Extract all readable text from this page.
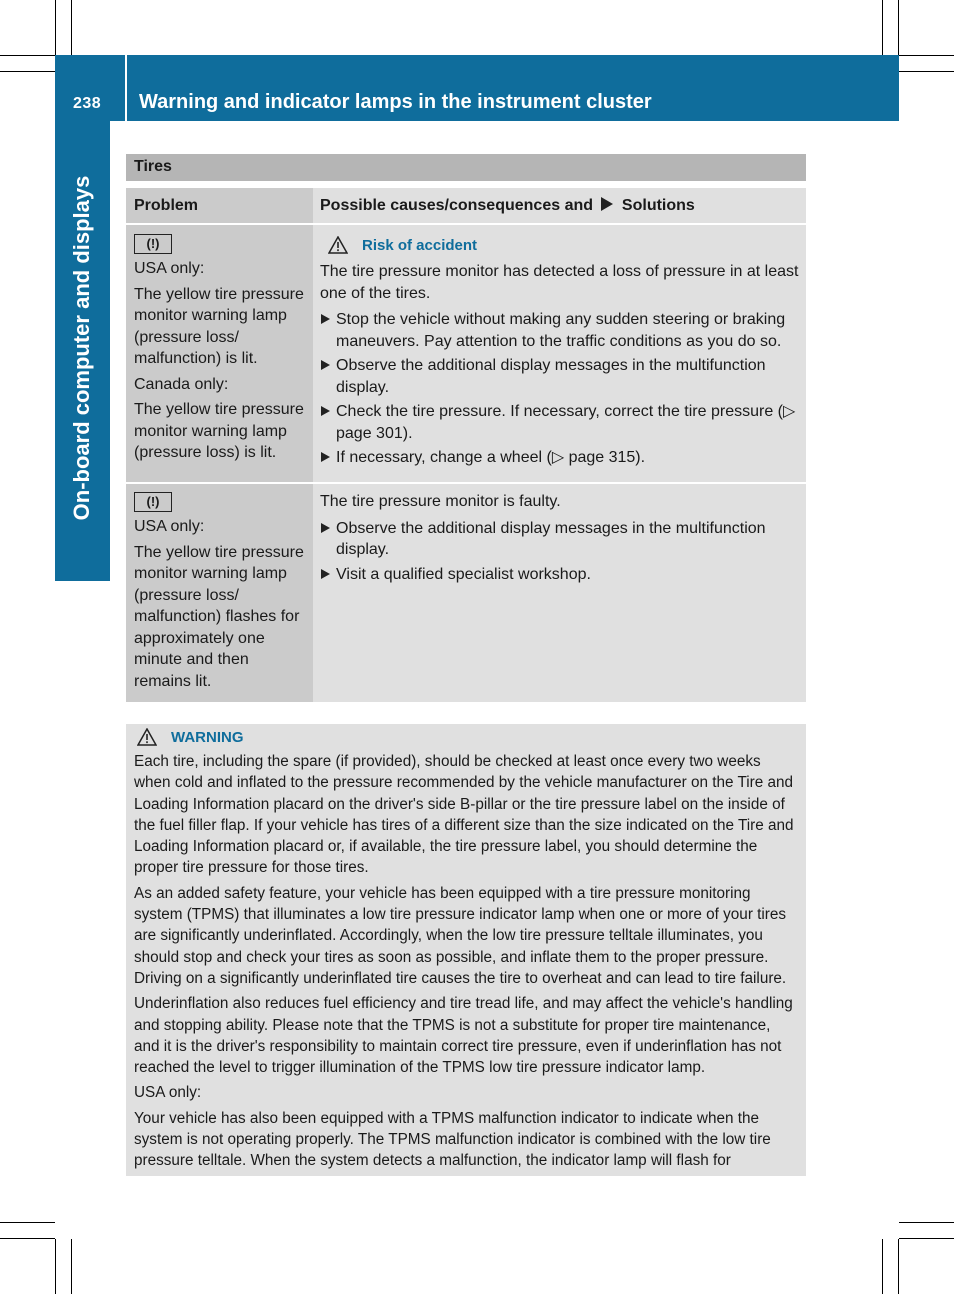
238 Warning and indicator lamps in the instrument cluster
On-board computer and displays
Tires
Problem	Possible causes/consequences and Solutions
(!)
USA only:
The yellow tire pressure monitor warning lamp (pressure loss/ malfunction) is lit.
Canada only:
The yellow tire pressure monitor warning lamp (pressure loss) is lit.
Risk of accident
The tire pressure monitor has detected a loss of pressure in at least one of the tires.
Stop the vehicle without making any sudden steering or braking maneuvers. Pay attention to the traffic conditions as you do so.
Observe the additional display messages in the multifunction display.
Check the tire pressure. If necessary, correct the tire pressure (▷ page 301).
If necessary, change a wheel (▷ page 315).
(!)
USA only:
The yellow tire pressure monitor warning lamp (pressure loss/ malfunction) flashes for approximately one minute and then remains lit.
The tire pressure monitor is faulty.
Observe the additional display messages in the multifunction display.
Visit a qualified specialist workshop.
WARNING
Each tire, including the spare (if provided), should be checked at least once every two weeks when cold and inflated to the pressure recommended by the vehicle manufacturer on the Tire and Loading Information placard on the driver's side B-pillar or the tire pressure label on the inside of the fuel filler flap. If your vehicle has tires of a different size than the size indicated on the Tire and Loading Information placard or, if available, the tire pressure label, you should determine the proper tire pressure for those tires.
As an added safety feature, your vehicle has been equipped with a tire pressure monitoring system (TPMS) that illuminates a low tire pressure indicator lamp when one or more of your tires are significantly underinflated. Accordingly, when the low tire pressure telltale illuminates, you should stop and check your tires as soon as possible, and inflate them to the proper pressure. Driving on a significantly underinflated tire causes the tire to overheat and can lead to tire failure.
Underinflation also reduces fuel efficiency and tire tread life, and may affect the vehicle's handling and stopping ability. Please note that the TPMS is not a substitute for proper tire maintenance, and it is the driver's responsibility to maintain correct tire pressure, even if underinflation has not reached the level to trigger illumination of the TPMS low tire pressure indicator lamp.
USA only:
Your vehicle has also been equipped with a TPMS malfunction indicator to indicate when the system is not operating properly. The TPMS malfunction indicator is combined with the low tire pressure telltale. When the system detects a malfunction, the indicator lamp will flash for
